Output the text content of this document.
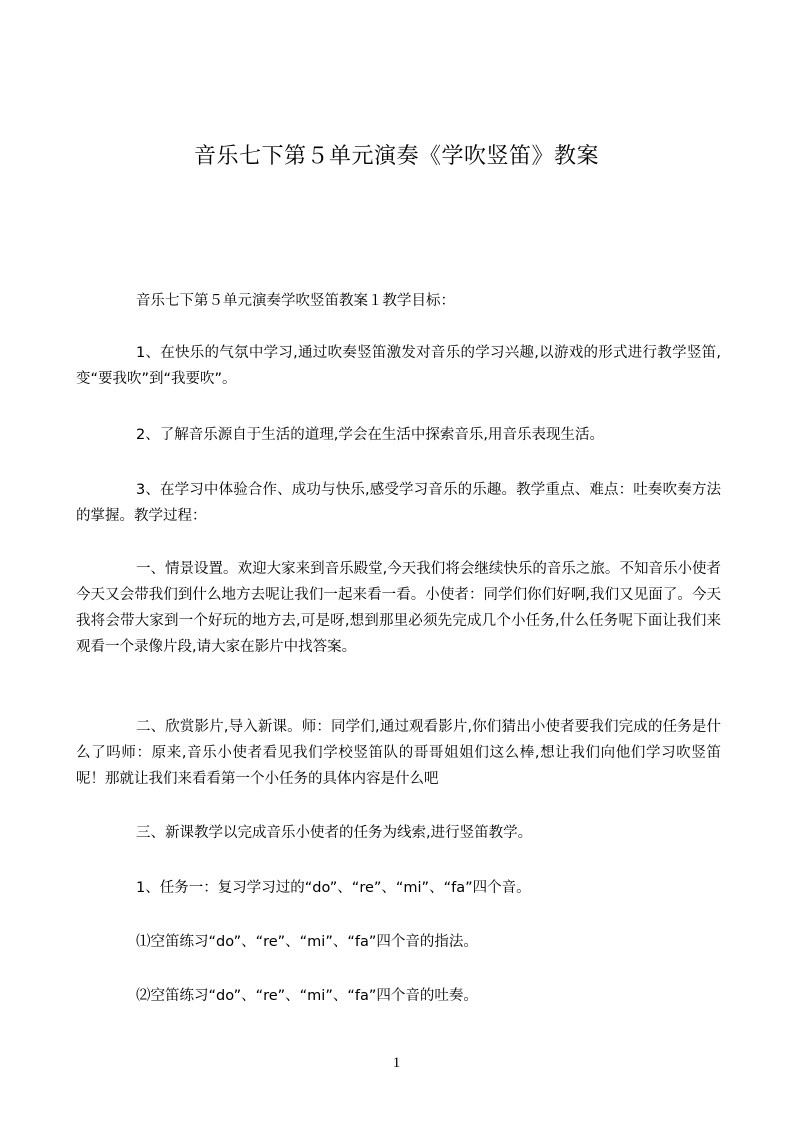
音乐七下第５单元演奏《学吹竖笛》教案

音乐七下第５单元演奏学吹竖笛教案１教学目标：

1、在快乐的气氛中学习,通过吹奏竖笛激发对音乐的学习兴趣,以游戏的形式进行教学竖笛,变“要我吹”到“我要吹”。

2、了解音乐源自于生活的道理,学会在生活中探索音乐,用音乐表现生活。

3、在学习中体验合作、成功与快乐,感受学习音乐的乐趣。教学重点、难点：吐奏吹奏方法的掌握。教学过程：

一、情景设置。欢迎大家来到音乐殿堂,今天我们将会继续快乐的音乐之旅。不知音乐小使者今天又会带我们到什么地方去呢让我们一起来看一看。小使者：同学们你们好啊,我们又见面了。今天我将会带大家到一个好玩的地方去,可是呀,想到那里必须先完成几个小任务,什么任务呢下面让我们来观看一个录像片段,请大家在影片中找答案。

二、欣赏影片,导入新课。师：同学们,通过观看影片,你们猜出小使者要我们完成的任务是什么了吗师：原来,音乐小使者看见我们学校竖笛队的哥哥姐姐们这么棒,想让我们向他们学习吹竖笛呢！那就让我们来看看第一个小任务的具体内容是什么吧

三、新课教学以完成音乐小使者的任务为线索,进行竖笛教学。

1、任务一：复习学习过的“do”、“re”、“mi”、“fa”四个音。

⑴空笛练习“do”、“re”、“mi”、“fa”四个音的指法。

⑵空笛练习“do”、“re”、“mi”、“fa”四个音的吐奏。

1
